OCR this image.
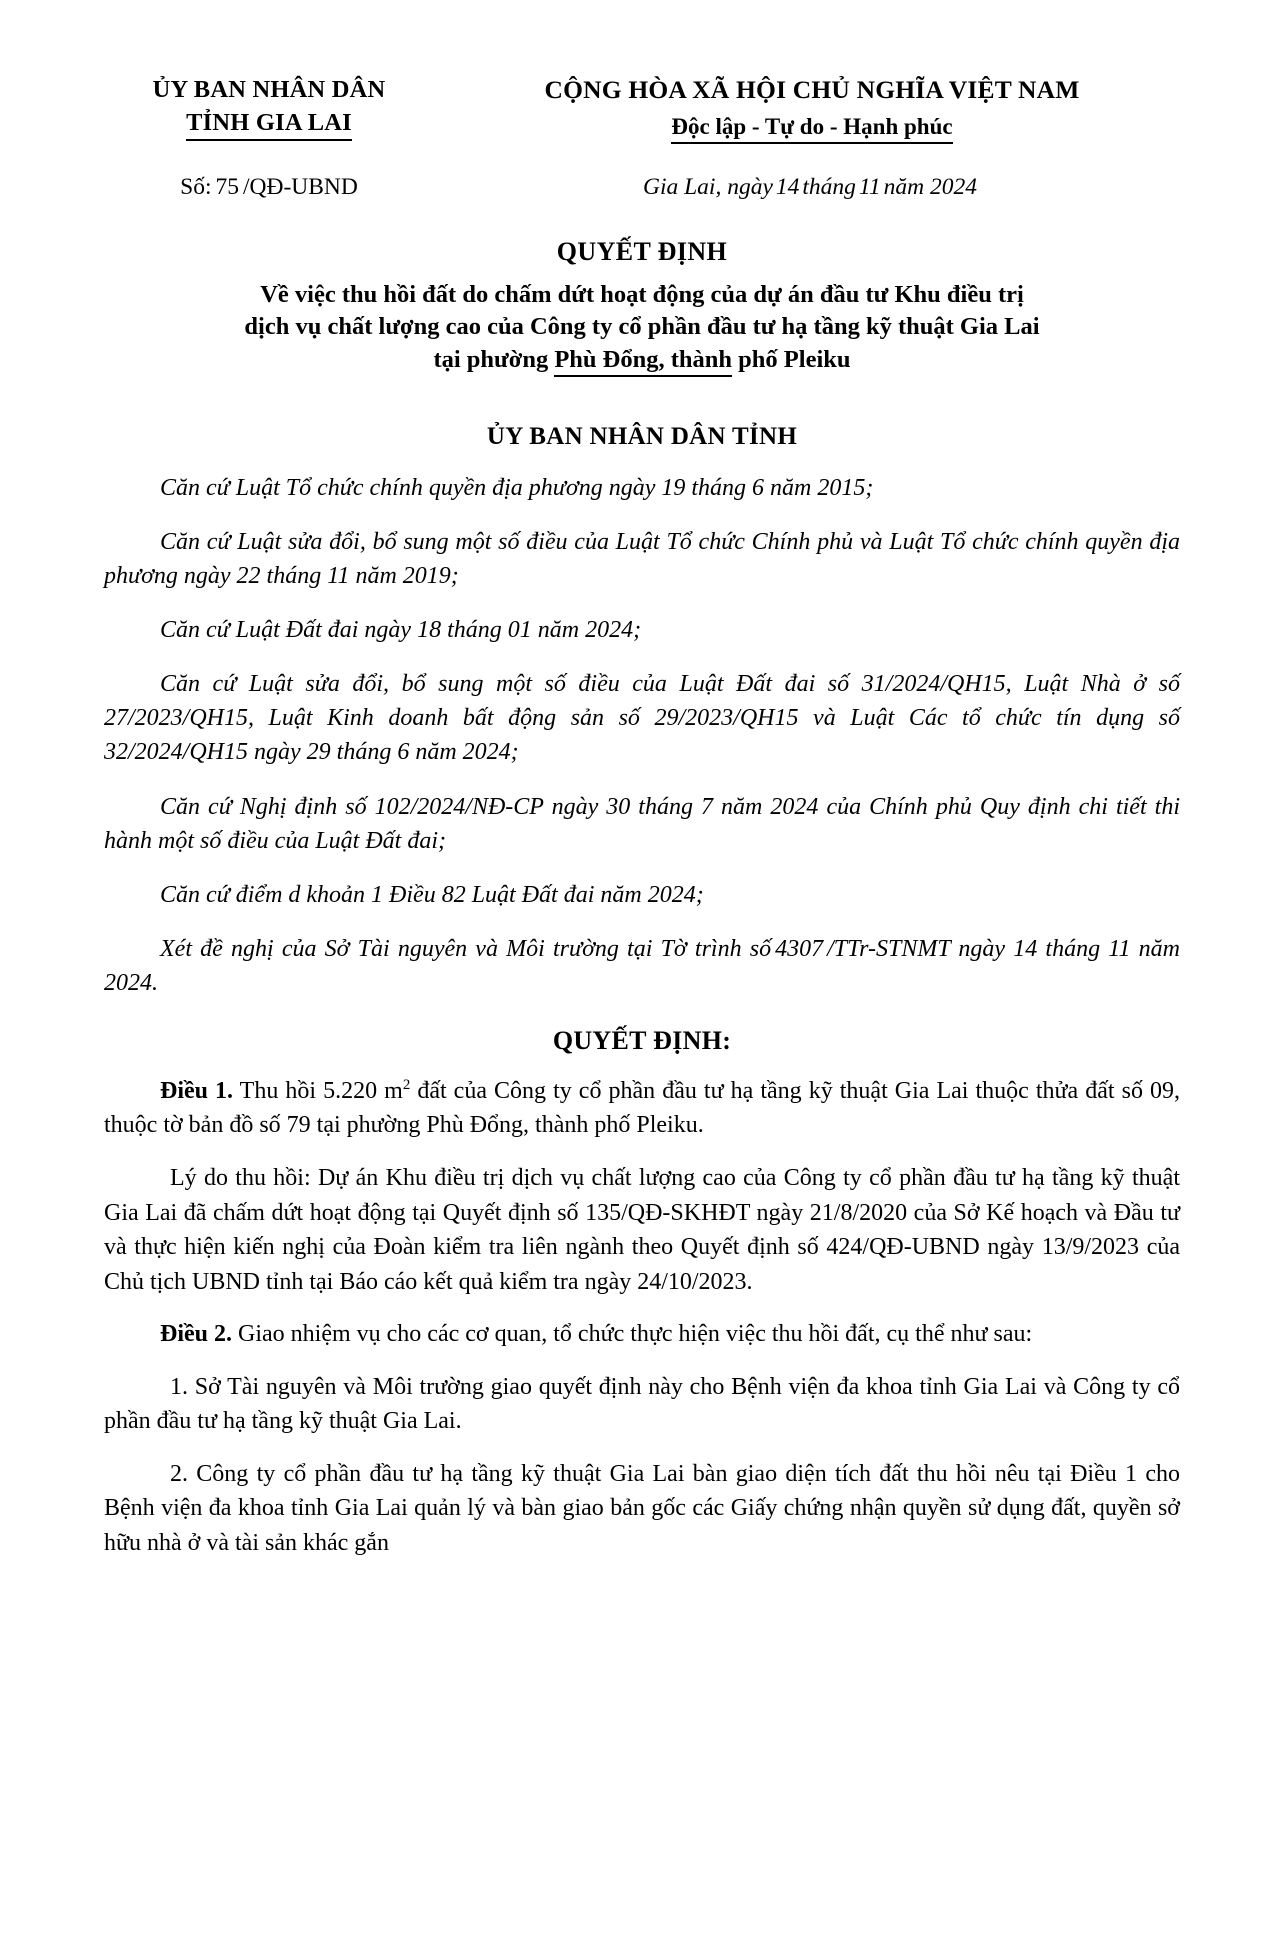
ỦY BAN NHÂN DÂN
TỈNH GIA LAI
CỘNG HÒA XÃ HỘI CHỦ NGHĨA VIỆT NAM
Độc lập - Tự do - Hạnh phúc
Số: 75 /QĐ-UBND	Gia Lai, ngày 14 tháng 11 năm 2024
QUYẾT ĐỊNH
Về việc thu hồi đất do chấm dứt hoạt động của dự án đầu tư Khu điều trị
dịch vụ chất lượng cao của Công ty cổ phần đầu tư hạ tầng kỹ thuật Gia Lai
tại phường Phù Đổng, thành phố Pleiku
ỦY BAN NHÂN DÂN TỈNH
Căn cứ Luật Tổ chức chính quyền địa phương ngày 19 tháng 6 năm 2015;
Căn cứ Luật sửa đổi, bổ sung một số điều của Luật Tổ chức Chính phủ và Luật Tổ chức chính quyền địa phương ngày 22 tháng 11 năm 2019;
Căn cứ Luật Đất đai ngày 18 tháng 01 năm 2024;
Căn cứ Luật sửa đổi, bổ sung một số điều của Luật Đất đai số 31/2024/QH15, Luật Nhà ở số 27/2023/QH15, Luật Kinh doanh bất động sản số 29/2023/QH15 và Luật Các tổ chức tín dụng số 32/2024/QH15 ngày 29 tháng 6 năm 2024;
Căn cứ Nghị định số 102/2024/NĐ-CP ngày 30 tháng 7 năm 2024 của Chính phủ Quy định chi tiết thi hành một số điều của Luật Đất đai;
Căn cứ điểm d khoản 1 Điều 82 Luật Đất đai năm 2024;
Xét đề nghị của Sở Tài nguyên và Môi trường tại Tờ trình số 4307 /TTr-STNMT ngày 14 tháng 11 năm 2024.
QUYẾT ĐỊNH:
Điều 1. Thu hồi 5.220 $m^2$ đất của Công ty cổ phần đầu tư hạ tầng kỹ thuật Gia Lai thuộc thửa đất số 09, thuộc tờ bản đồ số 79 tại phường Phù Đổng, thành phố Pleiku.
Lý do thu hồi: Dự án Khu điều trị dịch vụ chất lượng cao của Công ty cổ phần đầu tư hạ tầng kỹ thuật Gia Lai đã chấm dứt hoạt động tại Quyết định số 135/QĐ-SKHĐT ngày 21/8/2020 của Sở Kế hoạch và Đầu tư và thực hiện kiến nghị của Đoàn kiểm tra liên ngành theo Quyết định số 424/QĐ-UBND ngày 13/9/2023 của Chủ tịch UBND tỉnh tại Báo cáo kết quả kiểm tra ngày 24/10/2023.
Điều 2. Giao nhiệm vụ cho các cơ quan, tổ chức thực hiện việc thu hồi đất, cụ thể như sau:
1. Sở Tài nguyên và Môi trường giao quyết định này cho Bệnh viện đa khoa tỉnh Gia Lai và Công ty cổ phần đầu tư hạ tầng kỹ thuật Gia Lai.
2. Công ty cổ phần đầu tư hạ tầng kỹ thuật Gia Lai bàn giao diện tích đất thu hồi nêu tại Điều 1 cho Bệnh viện đa khoa tỉnh Gia Lai quản lý và bàn giao bản gốc các Giấy chứng nhận quyền sử dụng đất, quyền sở hữu nhà ở và tài sản khác gắn
